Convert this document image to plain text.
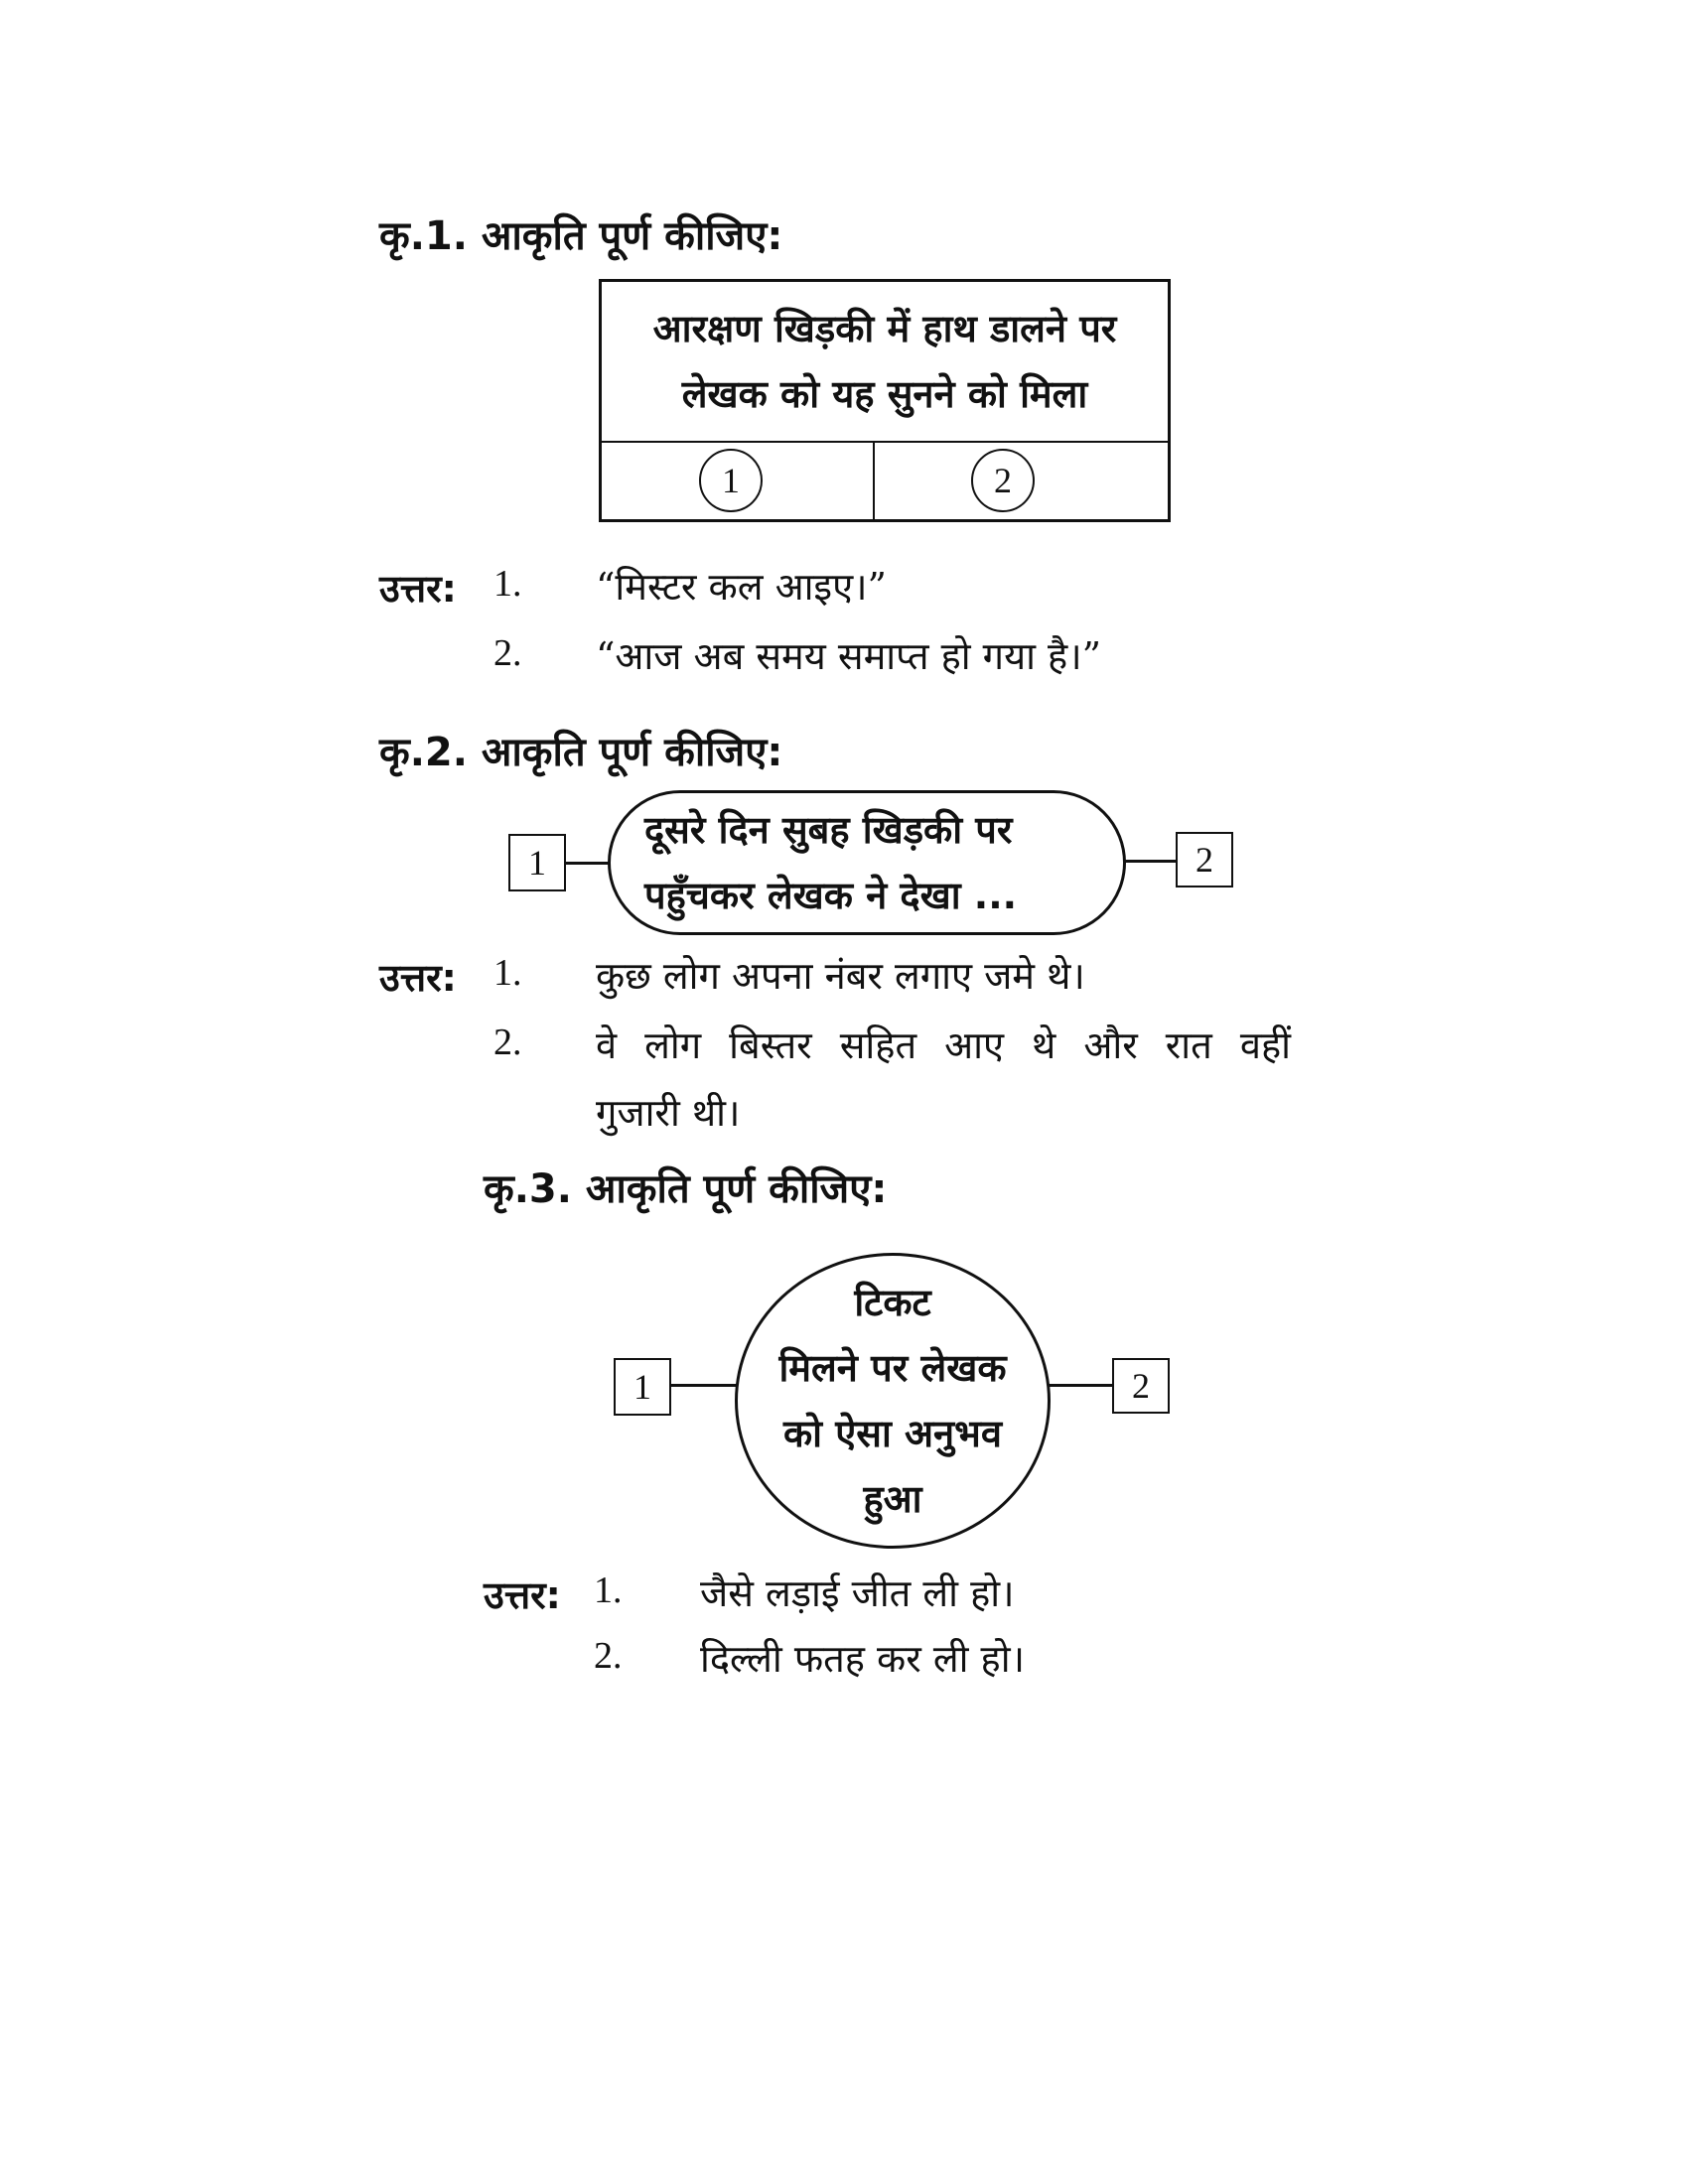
कृ.1. आकृति पूर्ण कीजिए:
आरक्षण खिड़की में हाथ डालने पर
लेखक को यह सुनने को मिला
1	2
उत्तर: 1. “मिस्टर कल आइए।”
2. “आज अब समय समाप्त हो गया है।”
कृ.2. आकृति पूर्ण कीजिए:
1
दूसरे दिन सुबह खिड़की पर
पहुँचकर लेखक ने देखा ...
2
उत्तर: 1. कुछ लोग अपना नंबर लगाए जमे थे।
2. वे लोग बिस्तर सहित आए थे और रात वहीं
गुजारी थी।
कृ.3. आकृति पूर्ण कीजिए:
1
टिकट
मिलने पर लेखक
को ऐसा अनुभव
हुआ
2
उत्तर: 1. जैसे लड़ाई जीत ली हो।
2. दिल्ली फतह कर ली हो।
